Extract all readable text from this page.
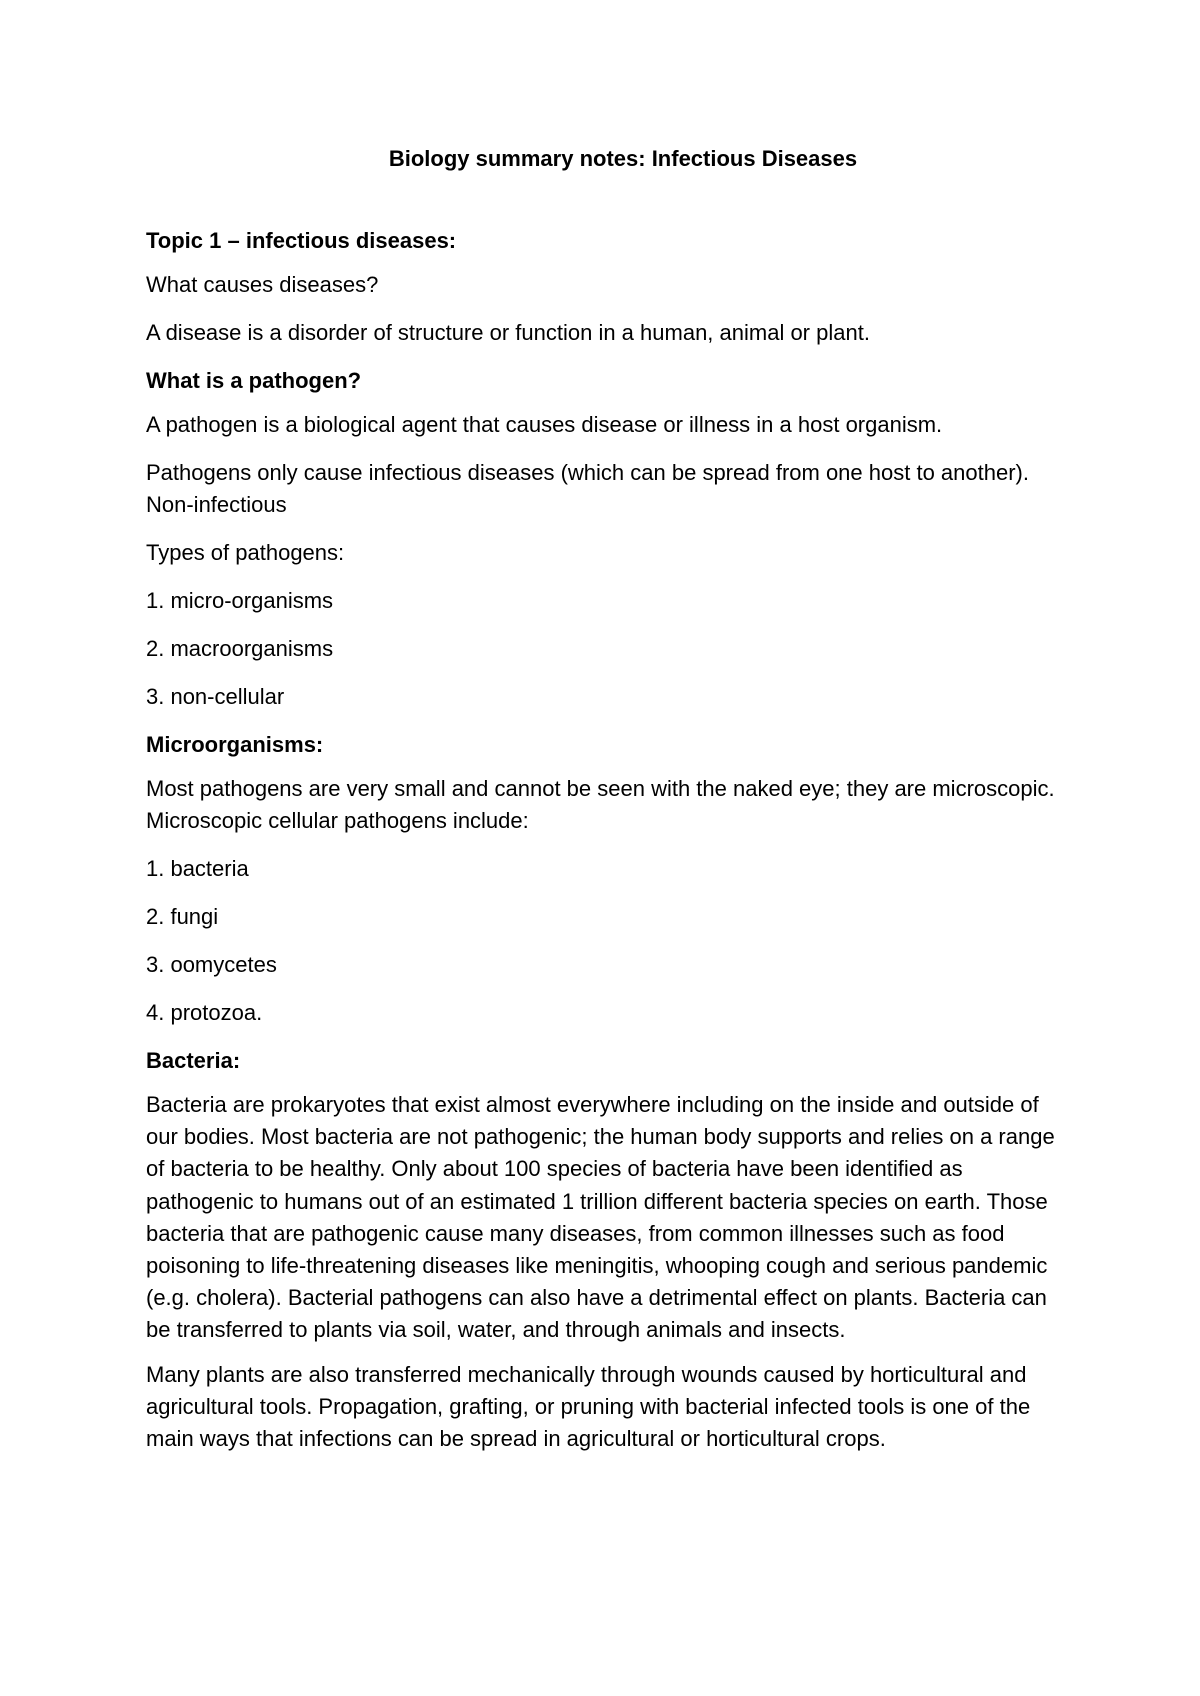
Biology summary notes: Infectious Diseases
Topic 1 – infectious diseases:

What causes diseases?

A disease is a disorder of structure or function in a human, animal or plant.

What is a pathogen?

A pathogen is a biological agent that causes disease or illness in a host organism.

Pathogens only cause infectious diseases (which can be spread from one host to another). Non-infectious

Types of pathogens:

1. micro-organisms
2. macroorganisms
3. non-cellular
Microorganisms:

Most pathogens are very small and cannot be seen with the naked eye; they are microscopic. Microscopic cellular pathogens include:

1. bacteria
2. fungi
3. oomycetes
4. protozoa.
Bacteria:

Bacteria are prokaryotes that exist almost everywhere including on the inside and outside of our bodies. Most bacteria are not pathogenic; the human body supports and relies on a range of bacteria to be healthy. Only about 100 species of bacteria have been identified as pathogenic to humans out of an estimated 1 trillion different bacteria species on earth. Those bacteria that are pathogenic cause many diseases, from common illnesses such as food poisoning to life-threatening diseases like meningitis, whooping cough and serious pandemic (e.g. cholera). Bacterial pathogens can also have a detrimental effect on plants. Bacteria can be transferred to plants via soil, water, and through animals and insects.

Many plants are also transferred mechanically through wounds caused by horticultural and agricultural tools. Propagation, grafting, or pruning with bacterial infected tools is one of the main ways that infections can be spread in agricultural or horticultural crops.
